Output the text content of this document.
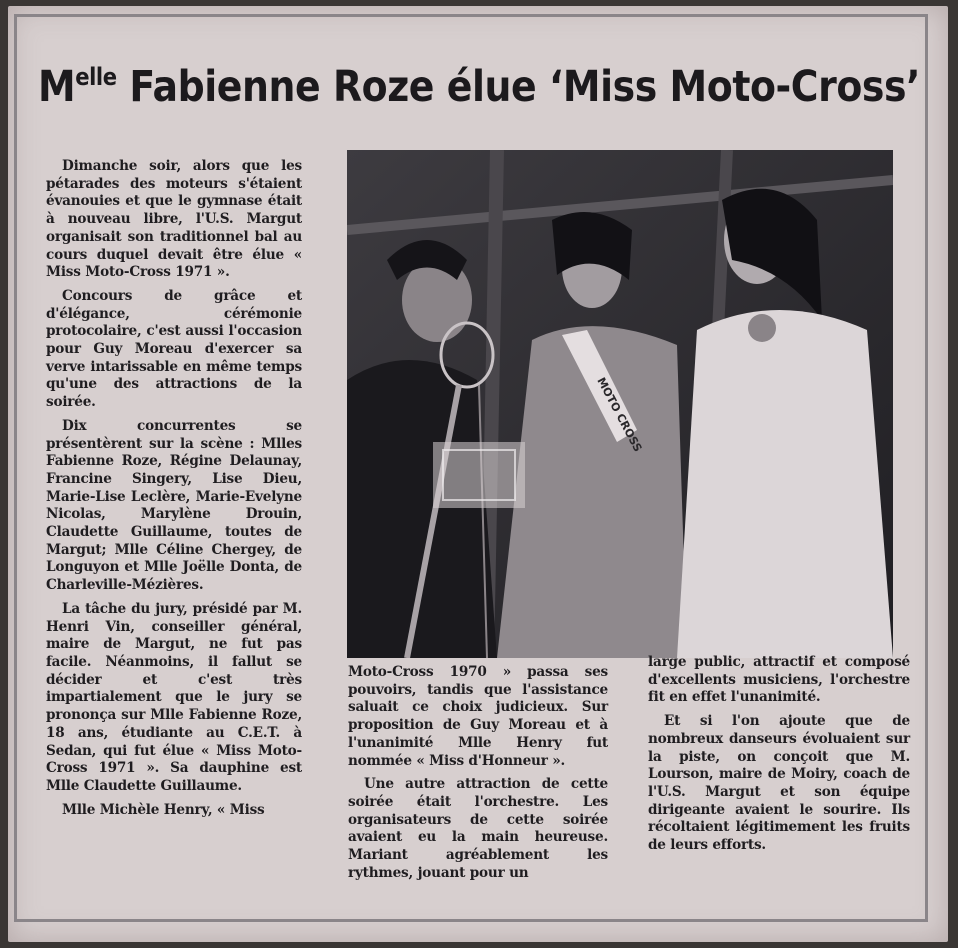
$M^{elle}$ Fabienne Roze élue ‘Miss Moto-Cross’

Dimanche soir, alors que les pétarades des moteurs s'étaient évanouies et que le gymnase était à nouveau libre, l'U.S. Margut organisait son traditionnel bal au cours duquel devait être élue « Miss Moto-Cross 1971 ».

Concours de grâce et d'élégance, cérémonie protocolaire, c'est aussi l'occasion pour Guy Moreau d'exercer sa verve intarissable en même temps qu'une des attractions de la soirée.

Dix concurrentes se présentèrent sur la scène : Mlles Fabienne Roze, Régine Delaunay, Francine Singery, Lise Dieu, Marie-Lise Leclère, Marie-Evelyne Nicolas, Marylène Drouin, Claudette Guillaume, toutes de Margut; Mlle Céline Chergey, de Longuyon et Mlle Joëlle Donta, de Charleville-Mézières.

La tâche du jury, présidé par M. Henri Vin, conseiller général, maire de Margut, ne fut pas facile. Néanmoins, il fallut se décider et c'est très impartialement que le jury se prononça sur Mlle Fabienne Roze, 18 ans, étudiante au C.E.T. à Sedan, qui fut élue « Miss Moto-Cross 1971 ». Sa dauphine est Mlle Claudette Guillaume.

Mlle Michèle Henry, « Miss

MOTO CROSS

Moto-Cross 1970 » passa ses pouvoirs, tandis que l'assistance saluait ce choix judicieux. Sur proposition de Guy Moreau et à l'unanimité Mlle Henry fut nommée « Miss d'Honneur ».

Une autre attraction de cette soirée était l'orchestre. Les organisateurs de cette soirée avaient eu la main heureuse. Mariant agréablement les rythmes, jouant pour un

large public, attractif et composé d'excellents musiciens, l'orchestre fit en effet l'unanimité.

Et si l'on ajoute que de nombreux danseurs évoluaient sur la piste, on conçoit que M. Lourson, maire de Moiry, coach de l'U.S. Margut et son équipe dirigeante avaient le sourire. Ils récoltaient légitimement les fruits de leurs efforts.
